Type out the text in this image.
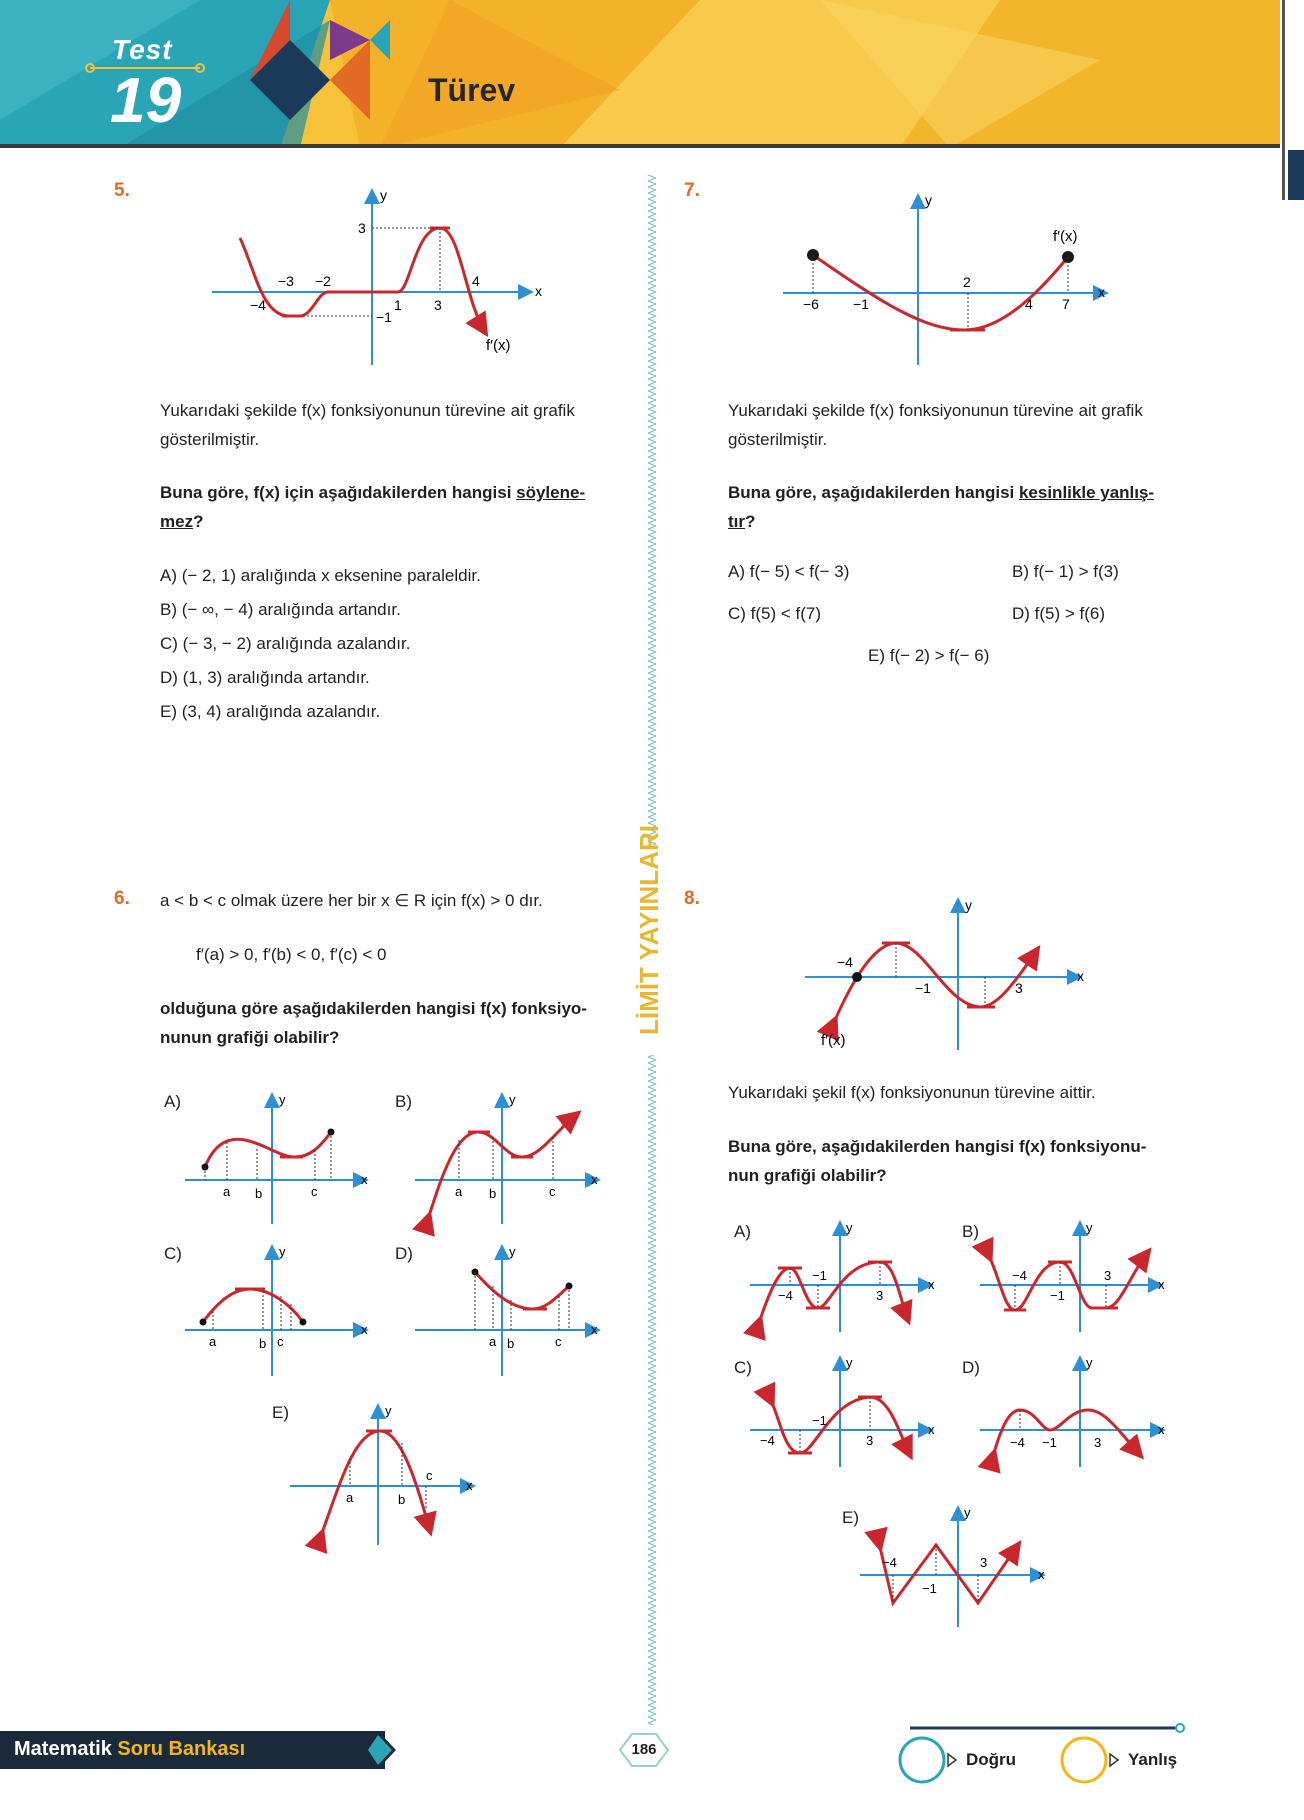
Test
19	Türev
LİMİT YAYINLARI
5.	y
x
−4
−3 −2
1 3
4
3
−1
f′(x)
Yukarıdaki şekilde f(x) fonksiyonunun türevine ait grafik
gösterilmiştir.
Buna göre, f(x) için aşağıdakilerden hangisi söylene-
mez?
A) (− 2, 1) aralığında x eksenine paraleldir.
B) (− ∞, − 4) aralığında artandır.
C) (− 3, − 2) aralığında azalandır.
D) (1, 3) aralığında artandır.
E) (3, 4) aralığında azalandır.
7.	y
x
−6 −1
2
4 7
f′(x)
Yukarıdaki şekilde f(x) fonksiyonunun türevine ait grafik
gösterilmiştir.
Buna göre, aşağıdakilerden hangisi kesinlikle yanlış-
tır?
A) f(− 5) < f(− 3)	B) f(− 1) > f(3)
C) f(5) < f(7)	D) f(5) > f(6)
E) f(− 2) > f(− 6)
6. a < b < c olmak üzere her bir x ∈ R için f(x) > 0 dır.
f′(a) > 0, f′(b) < 0, f′(c) < 0
olduğuna göre aşağıdakilerden hangisi f(x) fonksiyo-
nunun grafiği olabilir?
A)	y
x
a b	c
B)	y
x
a b	c
C)	y
x
a	b c
D)	y
x
a b	c
E)	y
x
a	b
c
8.	y
x
−4
−1	3
f′(x)
Yukarıdaki şekil f(x) fonksiyonunun türevine aittir.
Buna göre, aşağıdakilerden hangisi f(x) fonksiyonu-
nun grafiği olabilir?
A)	y
x
−4
−1
3
B)	y
x
−4
−1
3
C)	y
x
−4
−1
3
D)	y
x
−4 −1	3
E)	y
x
−4
−1
3
Matematik Soru Bankası	186
Doğru	Yanlış
